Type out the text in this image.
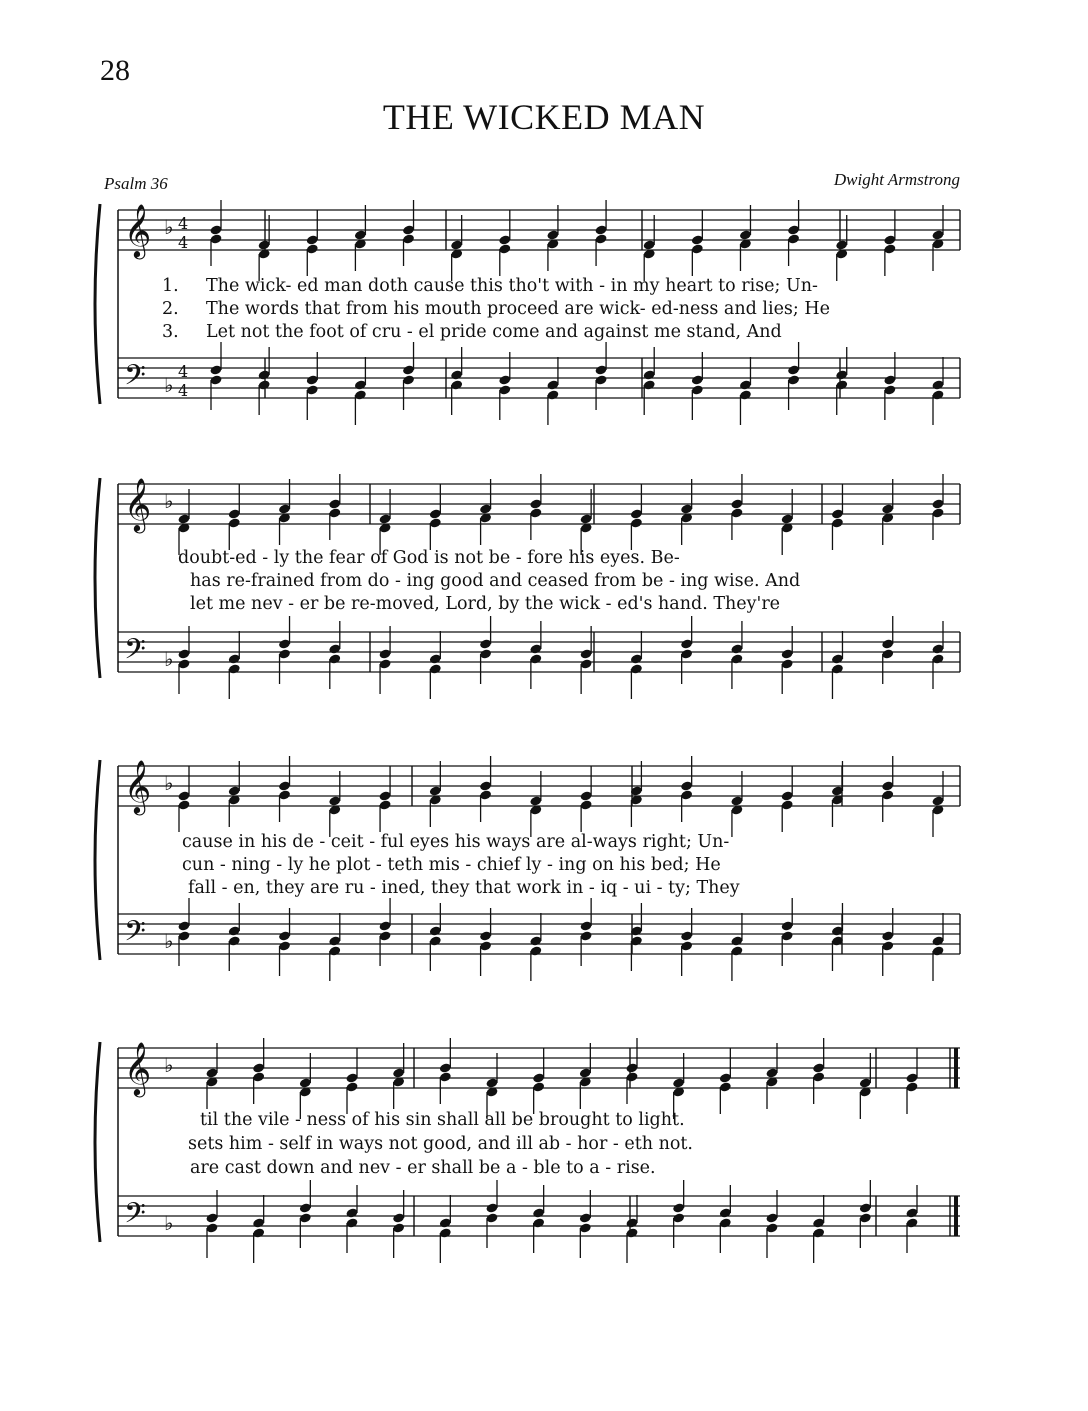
28
THE WICKED MAN
Psalm 36	Dwight Armstrong
𝄞
𝄢
♭
♭
4
4
4
4
𝄞
𝄢
♭
♭
𝄞
𝄢
♭
♭
𝄞
𝄢
♭
♭
1.
2.
3.
The wick- ed man doth cause this tho't with - in my heart to rise; Un-
The words that from his mouth proceed are wick- ed-ness and lies; He
Let not the foot of cru - el pride come and against me stand, And
doubt-ed - ly the fear of God is not be - fore his eyes. Be-
has re-frained from do - ing good and ceased from be - ing wise. And
let me nev - er be re-moved, Lord, by the wick - ed's hand. They're
cause in his de - ceit - ful eyes his ways are al-ways right; Un-
cun - ning - ly he plot - teth mis - chief ly - ing on his bed; He
fall - en, they are ru - ined, they that work in - iq - ui - ty; They
til the vile - ness of his sin shall all be brought to light.
sets him - self in ways not good, and ill ab - hor - eth not.
are cast down and nev - er shall be a - ble to a - rise.
